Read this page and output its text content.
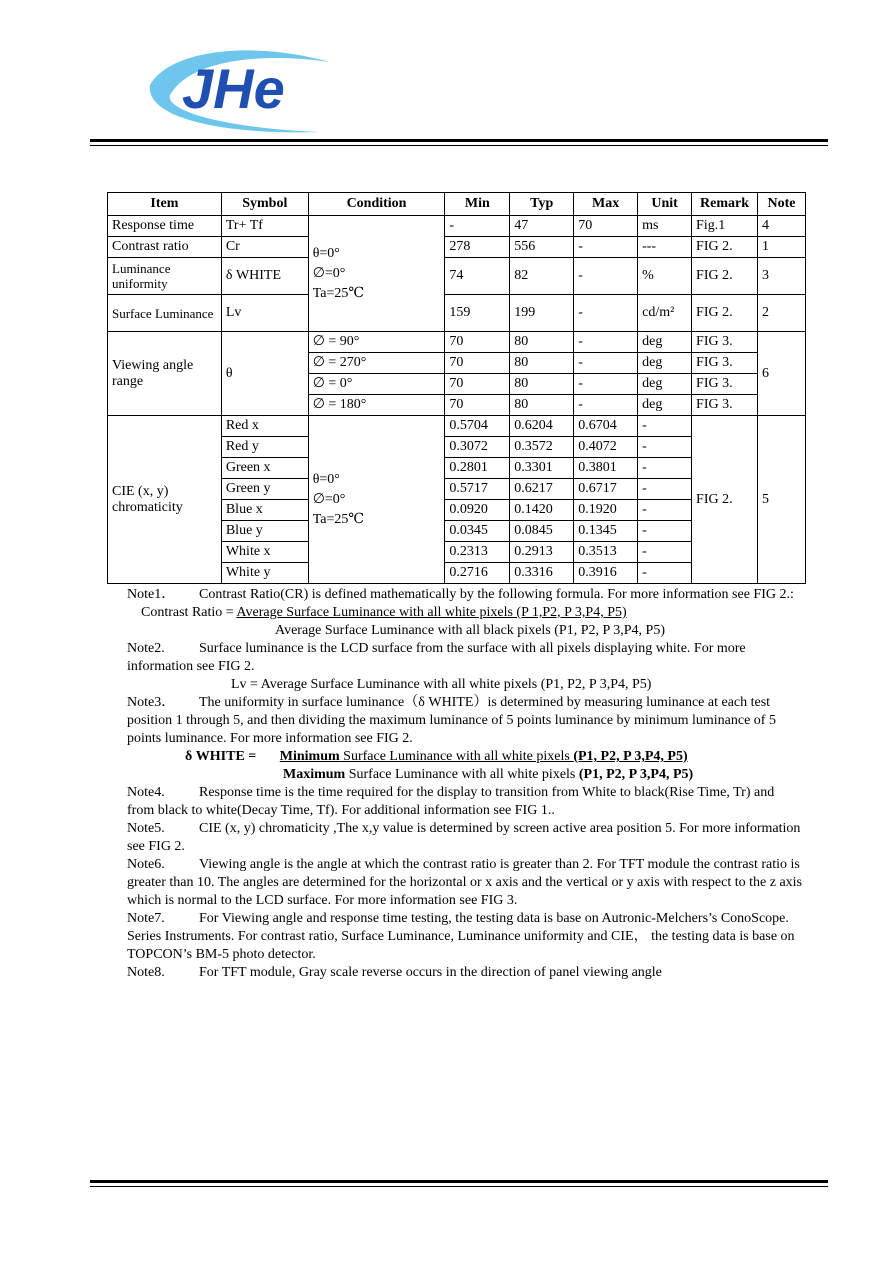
JHe
Item	Symbol	Condition	Min	Typ	Max	Unit	Remark	Note
Response time	Tr+ Tf	θ=0°
∅=0°
Ta=25℃	-	47	70	ms	Fig.1	4
Contrast ratio	Cr		278	556	-	---	FIG 2.	1
Luminance uniformity	δ WHITE		74	82	-	%	FIG 2.	3
Surface Luminance	Lv		159	199	-	cd/m²	FIG 2.	2
Viewing angle range	θ	∅ = 90°	70	80	-	deg	FIG 3.	6
		∅ = 270°	70	80	-	deg	FIG 3.	
		∅ = 0°	70	80	-	deg	FIG 3.	
		∅ = 180°	70	80	-	deg	FIG 3.	
CIE (x, y) chromaticity	Red x	θ=0°
∅=0°
Ta=25℃	0.5704	0.6204	0.6704	-	FIG 2.	5
	Red y		0.3072	0.3572	0.4072	-		
	Green x		0.2801	0.3301	0.3801	-		
	Green y		0.5717	0.6217	0.6717	-		
	Blue x		0.0920	0.1420	0.1920	-		
	Blue y		0.0345	0.0845	0.1345	-		
	White x		0.2313	0.2913	0.3513	-		
	White y		0.2716	0.3316	0.3916	-		
Note1． Contrast Ratio(CR) is defined mathematically by the following formula. For more information see FIG 2.:
Contrast Ratio = Average Surface Luminance with all white pixels (P 1,P2, P 3,P4, P5)
Average Surface Luminance with all black pixels (P1, P2, P 3,P4, P5)
Note2. Surface luminance is the LCD surface from the surface with all pixels displaying white. For more information see FIG 2.
Lv = Average Surface Luminance with all white pixels (P1, P2, P 3,P4, P5)
Note3． The uniformity in surface luminance（δ WHITE）is determined by measuring luminance at each test position 1 through 5, and then dividing the maximum luminance of 5 points luminance by minimum luminance of 5 points luminance. For more information see FIG 2.
δ WHITE = Minimum Surface Luminance with all white pixels (P1, P2, P 3,P4, P5)
Maximum Surface Luminance with all white pixels (P1, P2, P 3,P4, P5)
Note4. Response time is the time required for the display to transition from White to black(Rise Time, Tr) and from black to white(Decay Time, Tf). For additional information see FIG 1..
Note5. CIE (x, y) chromaticity ,The x,y value is determined by screen active area position 5. For more information see FIG 2.
Note6. Viewing angle is the angle at which the contrast ratio is greater than 2. For TFT module the contrast ratio is greater than 10. The angles are determined for the horizontal or x axis and the vertical or y axis with respect to the z axis which is normal to the LCD surface. For more information see FIG 3.
Note7. For Viewing angle and response time testing, the testing data is base on Autronic-Melchers’s ConoScope. Series Instruments. For contrast ratio, Surface Luminance, Luminance uniformity and CIE， the testing data is base on TOPCON’s BM-5 photo detector.
Note8. For TFT module, Gray scale reverse occurs in the direction of panel viewing angle
